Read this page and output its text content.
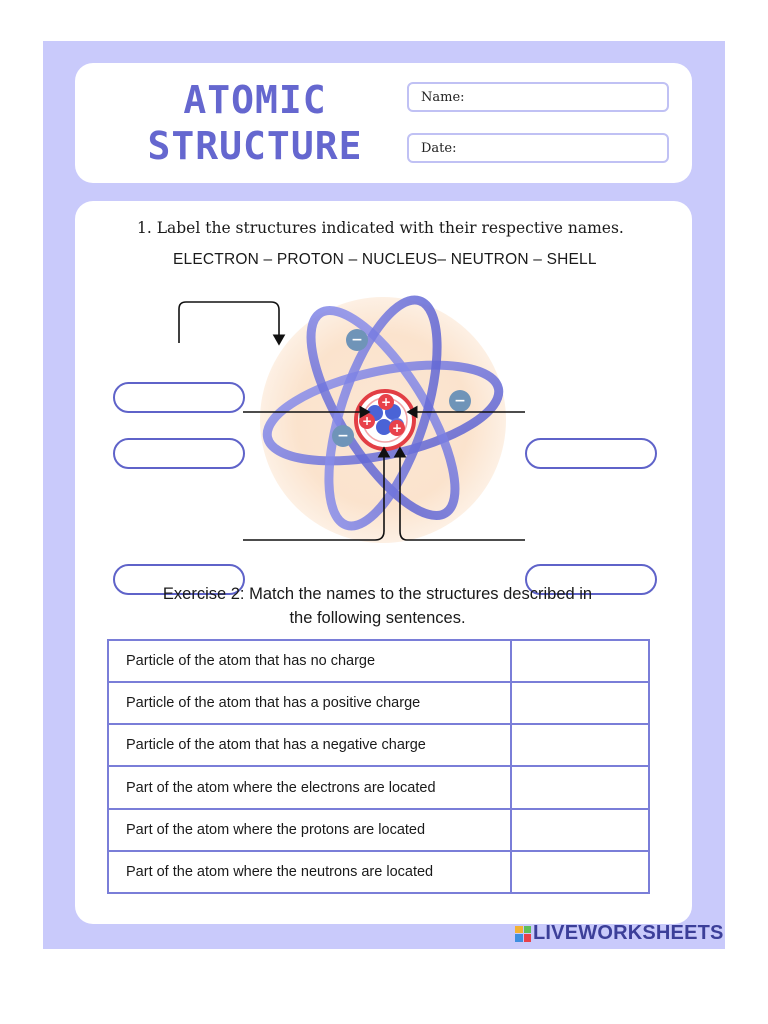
ATOMIC
STRUCTURE
Name:
Date:
1. Label the structures indicated with their respective names.
ELECTRON – PROTON – NUCLEUS– NEUTRON – SHELL
+
+ +
−
−
−
Exercise 2: Match the names to the structures described in
the following sentences.
Particle of the atom that has no charge	
Particle of the atom that has a positive charge	
Particle of the atom that has a negative charge	
Part of the atom where the electrons are located	
Part of the atom where the protons are located	
Part of the atom where the neutrons are located	
LIVEWORKSHEETS
